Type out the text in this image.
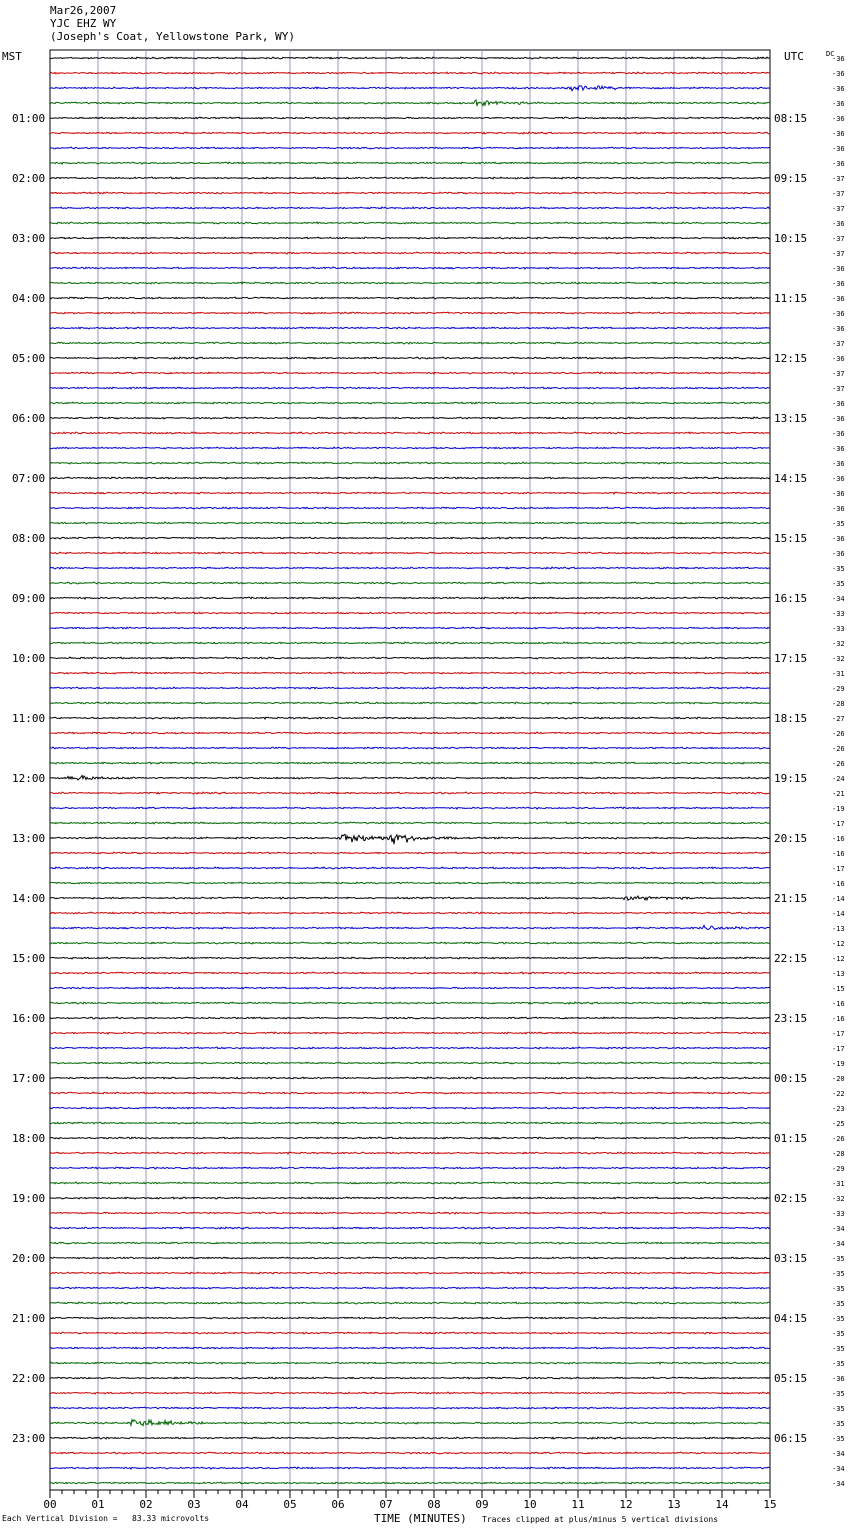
Mar26,2007
YJC EHZ WY
(Joseph's Coat, Yellowstone Park, WY)
MST	UTC	DC
00	01	02	03	04	05	06	07	08	09	10	11	12	13	14	15
-36
-36
-36
-36
-36
01:00	08:15
-36
-36
-36
-37
02:00	09:15
-37
-37
-36
-37
03:00	10:15
-37
-36
-36
-36
04:00	11:15
-36
-36
-37
-36
05:00	12:15
-37
-37
-36
-36
06:00	13:15
-36
-36
-36
-36
07:00	14:15
-36
-36
-35
-36
08:00	15:15
-36
-35
-35
-34
09:00	16:15
-33
-33
-32
-32
10:00	17:15
-31
-29
-28
-27
11:00	18:15
-26
-26
-26
-24
12:00	19:15
-21
-19
-17
-16
13:00	20:15
-16
-17
-16
-14
14:00	21:15
-14
-13
-12
-12
15:00	22:15
-13
-15
-16
-16
16:00	23:15
-17
-17
-19
-20
17:00	00:15
-22
-23
-25
-26
18:00	01:15
-28
-29
-31
-32
19:00	02:15
-33
-34
-34
-35
20:00	03:15
-35
-35
-35
-35
21:00	04:15
-35
-35
-35
-36
22:00	05:15
-35
-35
-35
-35
23:00	06:15
-34
-34
-34
Each Vertical Division = 83.33 microvolts	TIME (MINUTES) Traces clipped at plus/minus 5 vertical divisions
